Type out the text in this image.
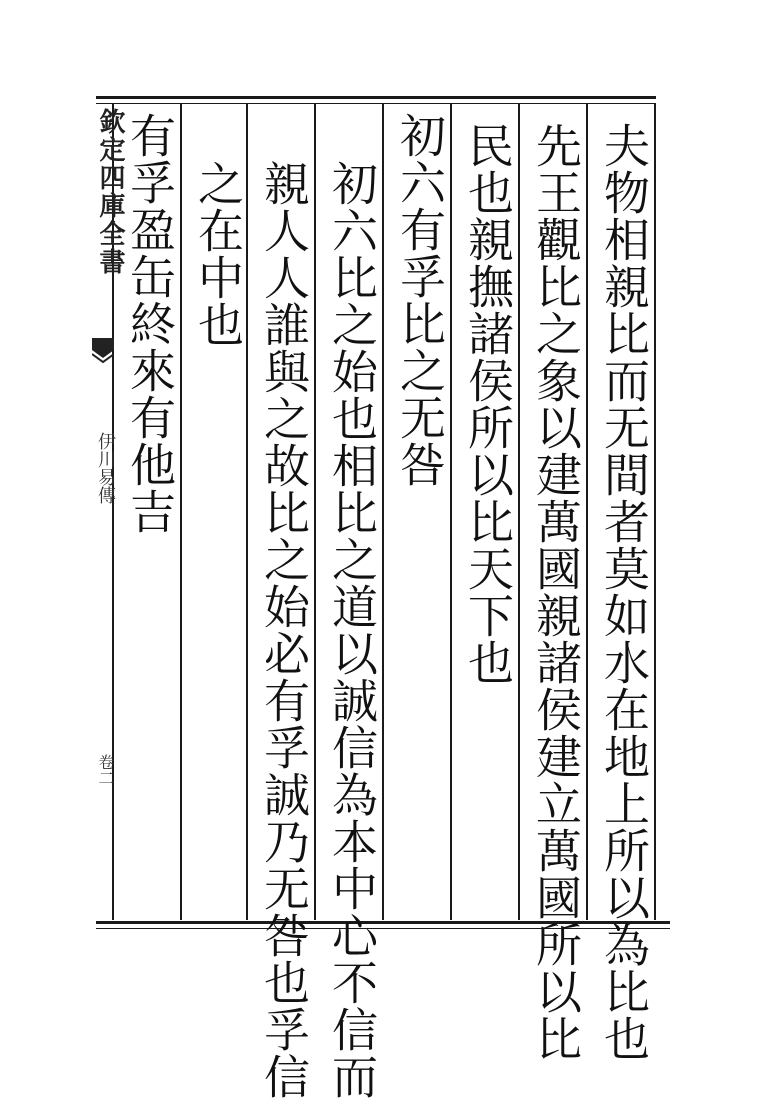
欽定四庫全書
伊川易傳
卷二	夫物相親比而无間者莫如水在地上所以為比也
先王觀比之象以建萬國親諸侯建立萬國所以比
民也親撫諸侯所以比天下也
初六有孚比之无咎
初六比之始也相比之道以誠信為本中心不信而
親人人誰與之故比之始必有孚誠乃无咎也孚信
之在中也
有孚盈缶終來有他吉
